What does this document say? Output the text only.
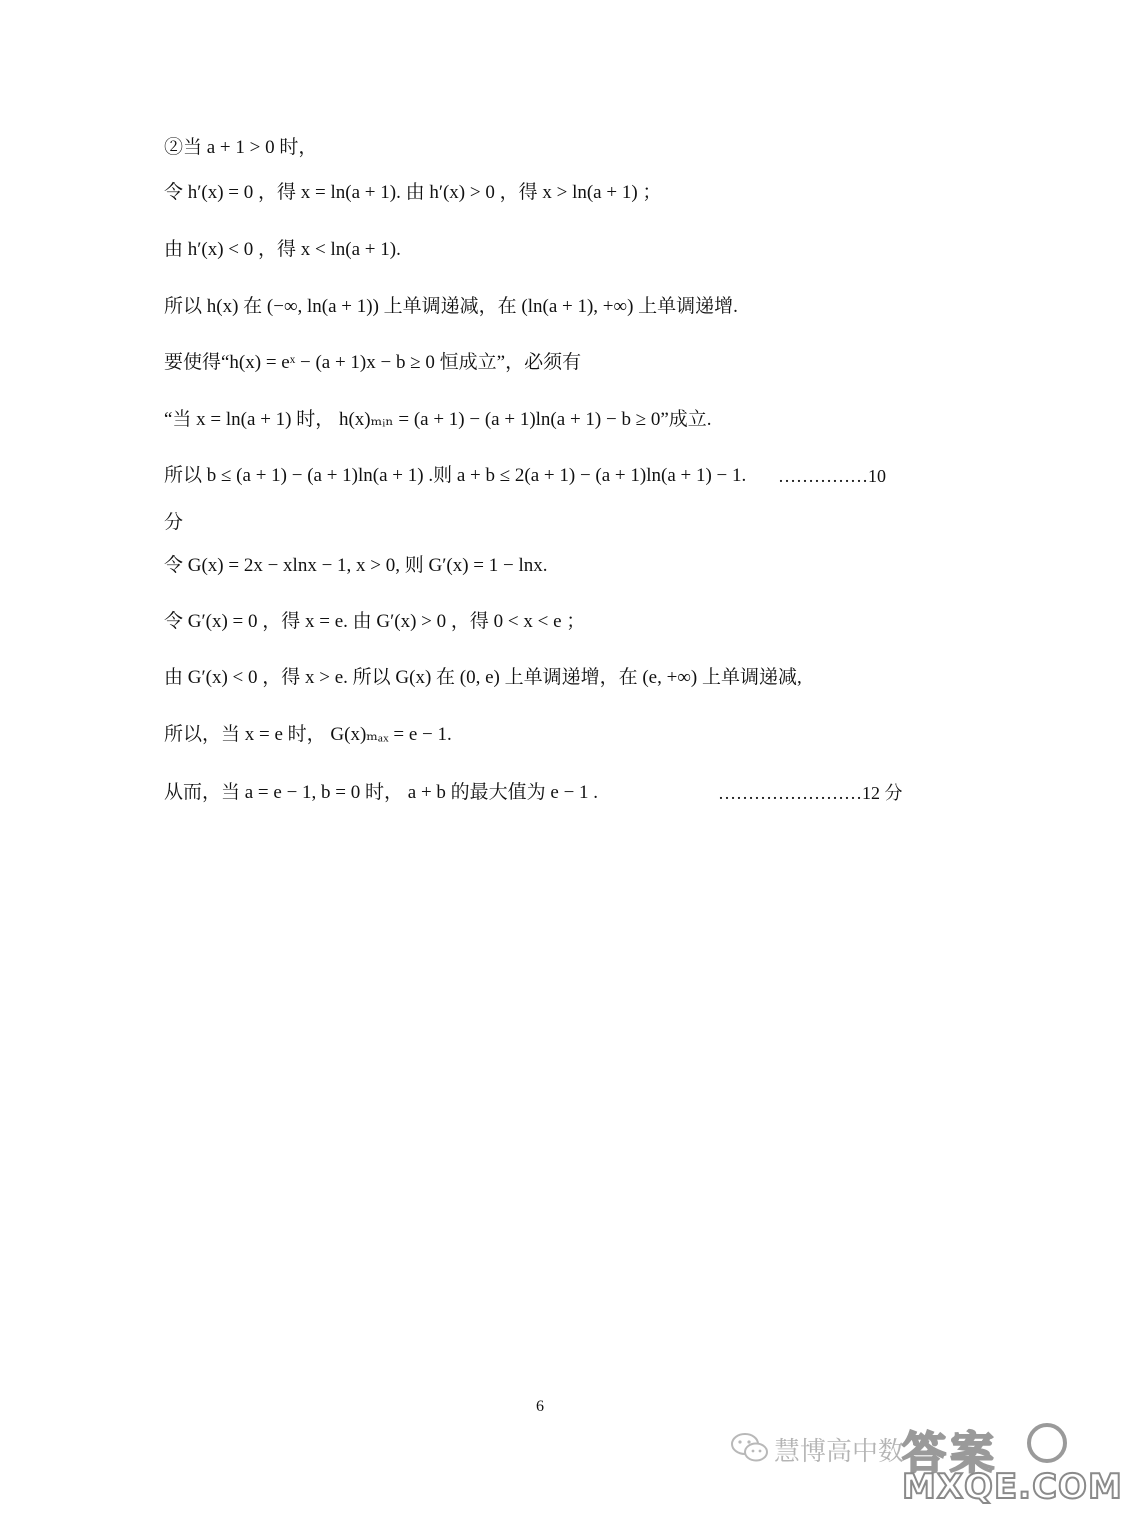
②当 a + 1 > 0 时，
令 h′(x) = 0 ，得 x = ln(a + 1). 由 h′(x) > 0 ，得 x > ln(a + 1) ；
由 h′(x) < 0 ，得 x < ln(a + 1).
所以 h(x) 在 (−∞, ln(a + 1)) 上单调递减，在 (ln(a + 1), +∞) 上单调递增.
要使得“h(x) = eˣ − (a + 1)x − b ≥ 0 恒成立”，必须有
“当 x = ln(a + 1) 时， h(x)ₘᵢₙ = (a + 1) − (a + 1)ln(a + 1) − b ≥ 0”成立.
所以 b ≤ (a + 1) − (a + 1)ln(a + 1) .则 a + b ≤ 2(a + 1) − (a + 1)ln(a + 1) − 1.	……………10
分
令 G(x) = 2x − xlnx − 1, x > 0, 则 G′(x) = 1 − lnx.
令 G′(x) = 0 ，得 x = e. 由 G′(x) > 0 ，得 0 < x < e ；
由 G′(x) < 0 ，得 x > e. 所以 G(x) 在 (0, e) 上单调递增，在 (e, +∞) 上单调递减,
所以，当 x = e 时， G(x)ₘₐₓ = e − 1.
从而，当 a = e − 1, b = 0 时， a + b 的最大值为 e − 1 .	……………………12 分
6
慧博高中数
答案
MXQE.COM
